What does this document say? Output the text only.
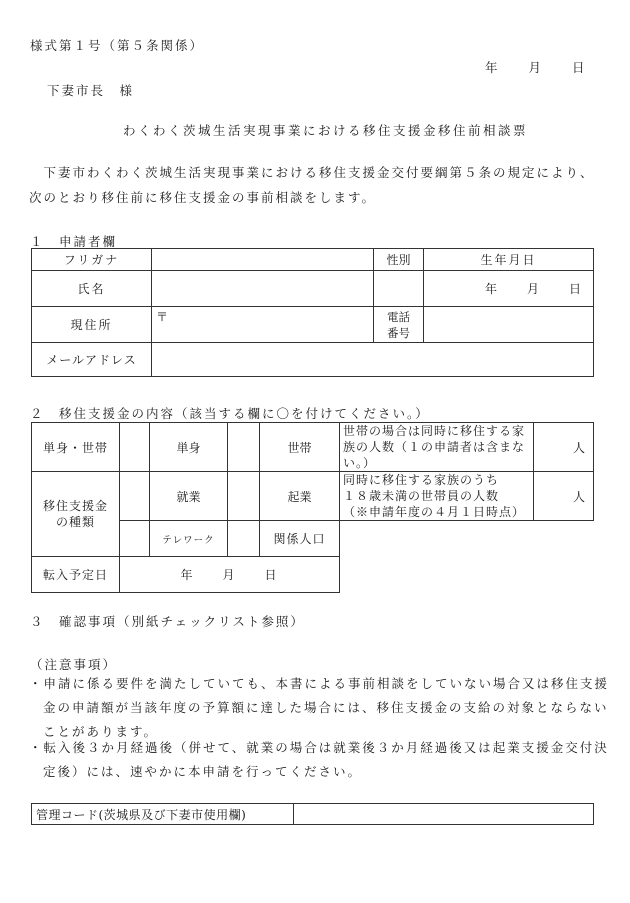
様式第１号（第５条関係）
年　　月　　日
下妻市長　様
わくわく茨城生活実現事業における移住支援金移住前相談票
　下妻市わくわく茨城生活実現事業における移住支援金交付要綱第５条の規定により、次のとおり移住前に移住支援金の事前相談をします。
１　申請者欄
フリガナ		性別	生年月日
氏名			年　　月　　日
現住所	〒	電話
番号	
メールアドレス			
２　移住支援金の内容（該当する欄に〇を付けてください。）
単身・世帯		単身		世帯	世帯の場合は同時に移住する家族の人数（１の申請者は含まない。）	人
移住支援金
の種類		就業		起業	同時に移住する家族のうち
１８歳未満の世帯員の人数
（※申請年度の４月１日時点）	人
		テレワーク		関係人口		
転入予定日	年　　月　　日					
３　確認事項（別紙チェックリスト参照）
（注意事項）
・申請に係る要件を満たしていても、本書による事前相談をしていない場合又は移住支援金の申請額が当該年度の予算額に達した場合には、移住支援金の支給の対象とならないことがあります。
・転入後３か月経過後（併せて、就業の場合は就業後３か月経過後又は起業支援金交付決定後）には、速やかに本申請を行ってください。
管理コード(茨城県及び下妻市使用欄)	
